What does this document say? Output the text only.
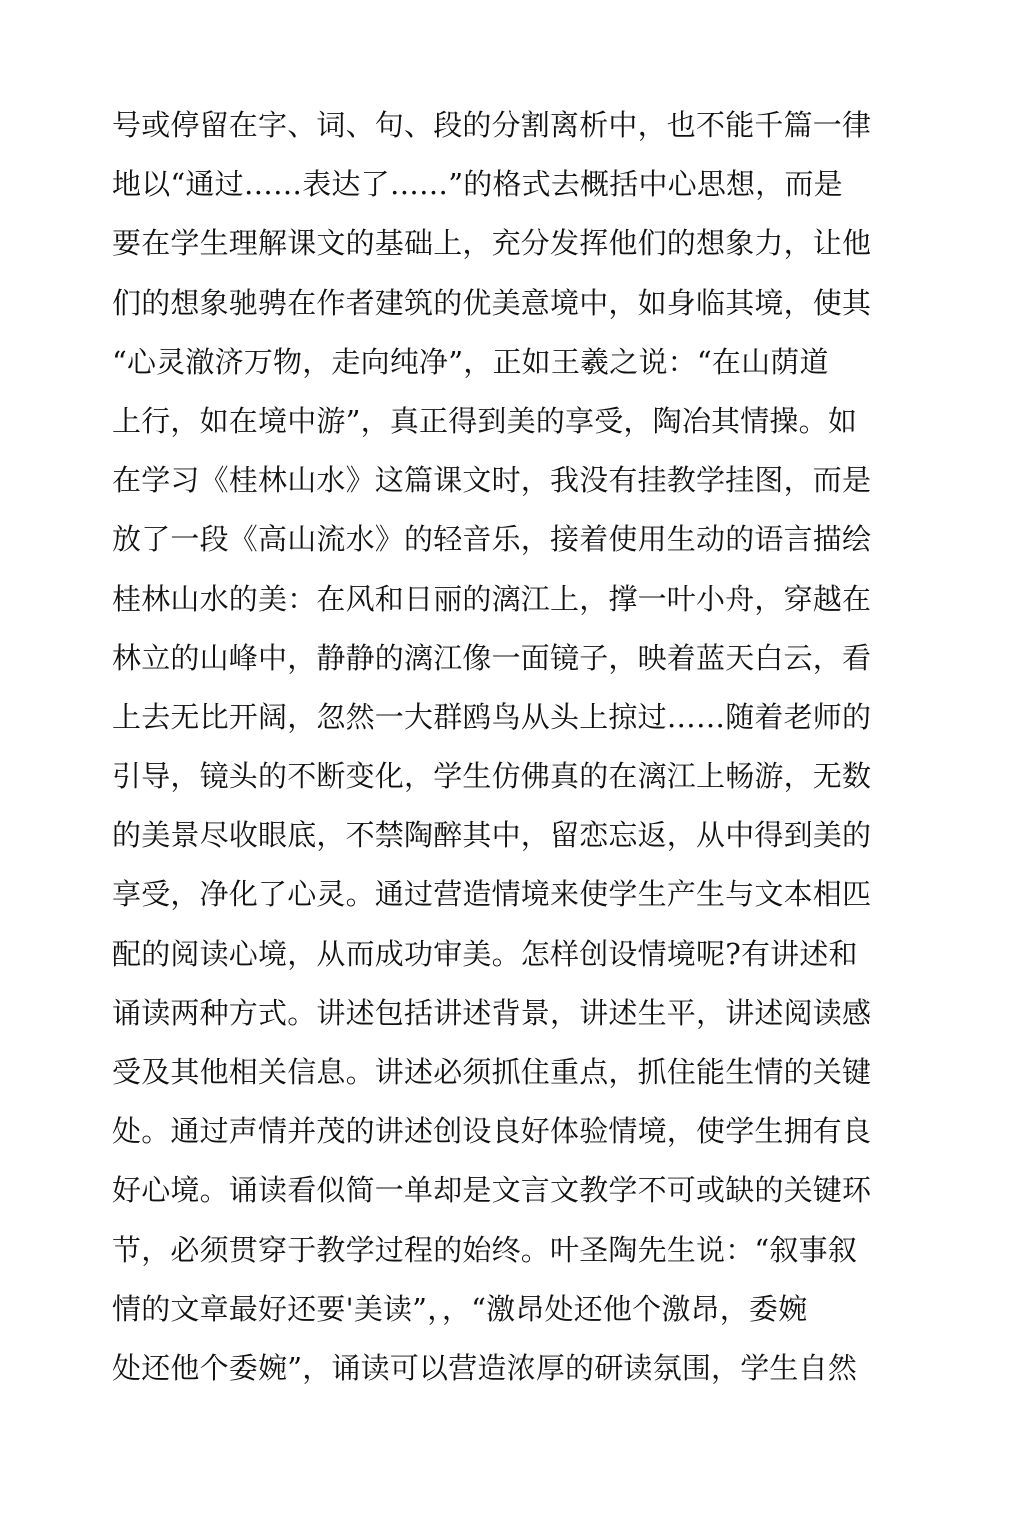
号或停留在字、词、句、段的分割离析中，也不能千篇一律
地以“通过……表达了……”的格式去概括中心思想，而是
要在学生理解课文的基础上，充分发挥他们的想象力，让他
们的想象驰骋在作者建筑的优美意境中，如身临其境，使其
“心灵澈济万物，走向纯净”，正如王羲之说：“在山荫道
上行，如在境中游”，真正得到美的享受，陶冶其情操。如
在学习《桂林山水》这篇课文时，我没有挂教学挂图，而是
放了一段《高山流水》的轻音乐，接着使用生动的语言描绘
桂林山水的美：在风和日丽的漓江上，撑一叶小舟，穿越在
林立的山峰中，静静的漓江像一面镜子，映着蓝天白云，看
上去无比开阔，忽然一大群鸥鸟从头上掠过……随着老师的
引导，镜头的不断变化，学生仿佛真的在漓江上畅游，无数
的美景尽收眼底，不禁陶醉其中，留恋忘返，从中得到美的
享受，净化了心灵。通过营造情境来使学生产生与文本相匹
配的阅读心境，从而成功审美。怎样创设情境呢?有讲述和
诵读两种方式。讲述包括讲述背景，讲述生平，讲述阅读感
受及其他相关信息。讲述必须抓住重点，抓住能生情的关键
处。通过声情并茂的讲述创设良好体验情境，使学生拥有良
好心境。诵读看似简一单却是文言文教学不可或缺的关键环
节，必须贯穿于教学过程的始终。叶圣陶先生说：“叙事叙
情的文章最好还要'美读”，，“激昂处还他个激昂，委婉
处还他个委婉”，诵读可以营造浓厚的研读氛围，学生自然
